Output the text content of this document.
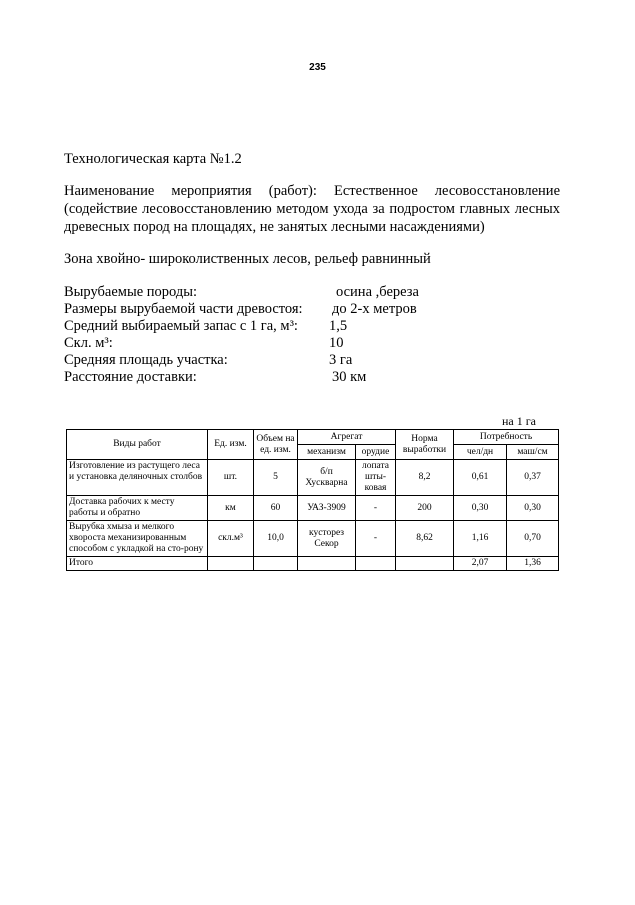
235
Технологическая карта №1.2
Наименование мероприятия (работ): Естественное лесовосстановление
(содействие лесовосстановлению методом ухода за подростом главных лесных
древесных пород на площадях, не занятых лесными насаждениями)
Зона хвойно- широколиственных лесов, рельеф равнинный
Вырубаемые породы:	осина ,береза
Размеры вырубаемой части древостоя: до 2-х метров
Средний выбираемый запас с 1 га, м³: 1,5
Скл. м³:	10
Средняя площадь участка:	3 га
Расстояние доставки:	30 км
на 1 га
Виды работ	Ед. изм.	Объем на ед. изм.	Агрегат		Норма выработки	Потребность	
			механизм	орудие		чел/дн	маш/см
Изготовление из растущего леса и установка деляночных столбов	шт.	5	б/п Хускварна	лопата шты-ковая	8,2	0,61	0,37
Доставка рабочих к месту работы и обратно	км	60	УАЗ-3909	-	200	0,30	0,30
Вырубка хмыза и мелкого хвороста механизированным способом с укладкой на сто-рону	скл.м³	10,0	кусторез Секор	-	8,62	1,16	0,70
Итого						2,07	1,36
